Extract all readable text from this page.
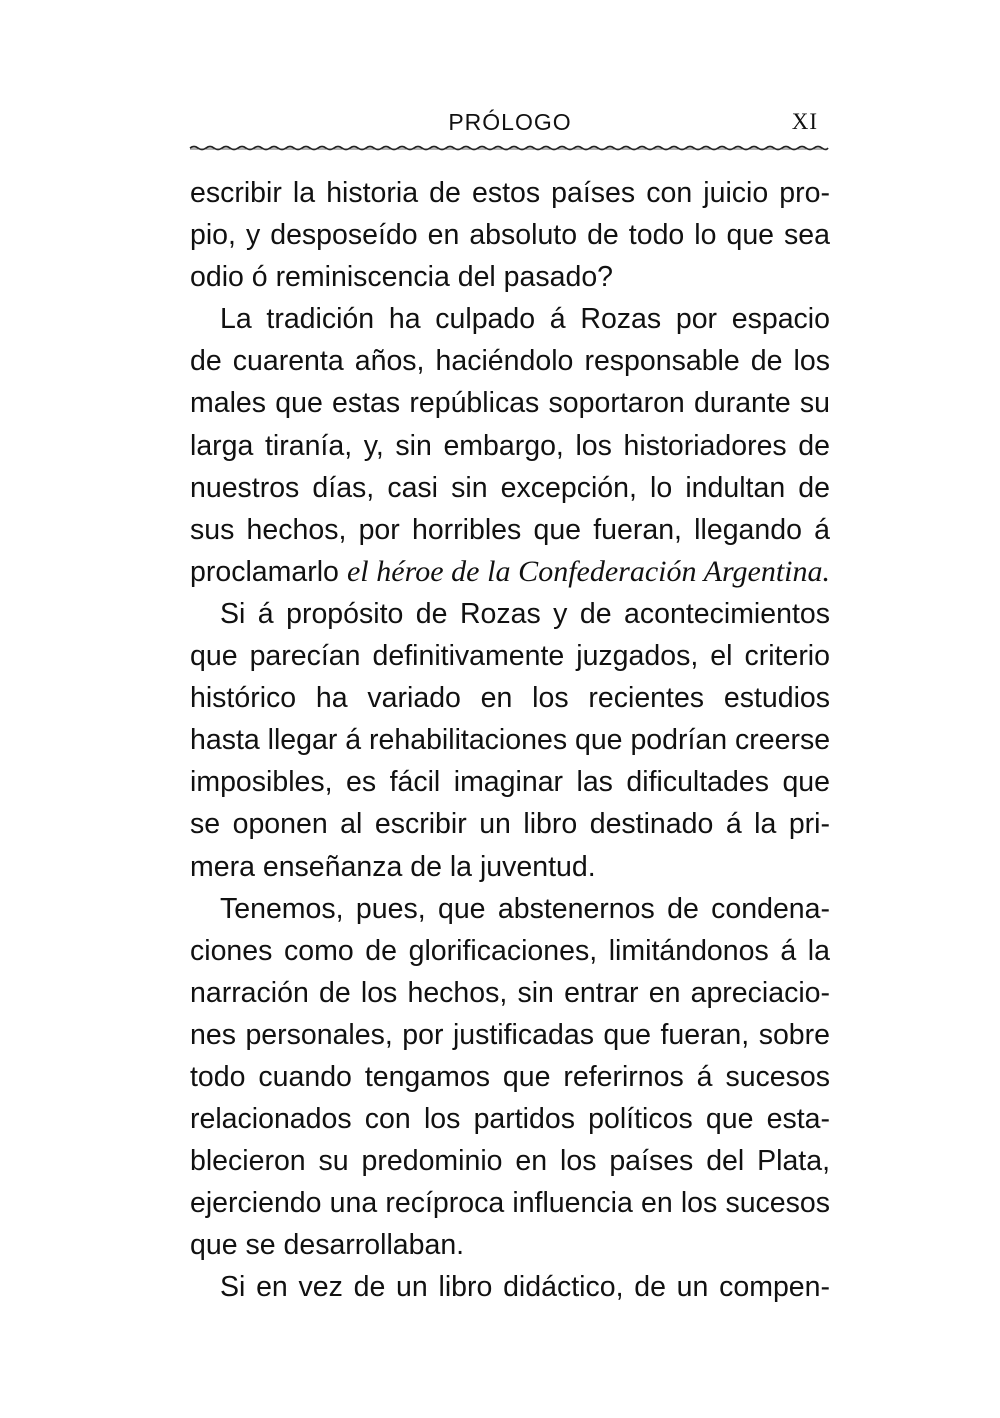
PRÓLOGO	XI
escribir la historia de estos países con juicio pro-
pio, y desposeído en absoluto de todo lo que sea
odio ó reminiscencia del pasado?
La tradición ha culpado á Rozas por espacio
de cuarenta años, haciéndolo responsable de los
males que estas repúblicas soportaron durante su
larga tiranía, y, sin embargo, los historiadores de
nuestros días, casi sin excepción, lo indultan de
sus hechos, por horribles que fueran, llegando á
proclamarlo el héroe de la Confederación Argentina.
Si á propósito de Rozas y de acontecimientos
que parecían definitivamente juzgados, el criterio
histórico ha variado en los recientes estudios
hasta llegar á rehabilitaciones que podrían creerse
imposibles, es fácil imaginar las dificultades que
se oponen al escribir un libro destinado á la pri-
mera enseñanza de la juventud.
Tenemos, pues, que abstenernos de condena-
ciones como de glorificaciones, limitándonos á la
narración de los hechos, sin entrar en apreciacio-
nes personales, por justificadas que fueran, sobre
todo cuando tengamos que referirnos á sucesos
relacionados con los partidos políticos que esta-
blecieron su predominio en los países del Plata,
ejerciendo una recíproca influencia en los sucesos
que se desarrollaban.
Si en vez de un libro didáctico, de un compen-
